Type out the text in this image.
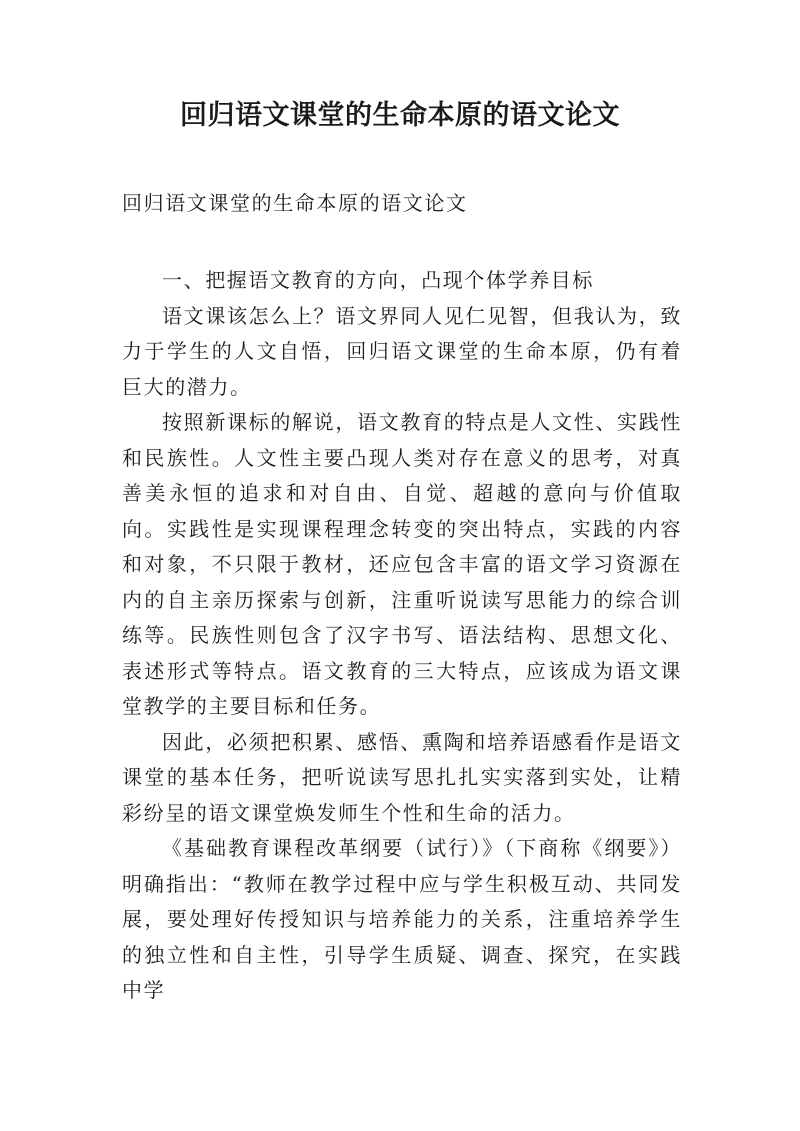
回归语文课堂的生命本原的语文论文

回归语文课堂的生命本原的语文论文

一、把握语文教育的方向，凸现个体学养目标

语文课该怎么上？语文界同人见仁见智，但我认为，致力于学生的人文自悟，回归语文课堂的生命本原，仍有着巨大的潜力。

按照新课标的解说，语文教育的特点是人文性、实践性和民族性。人文性主要凸现人类对存在意义的思考，对真善美永恒的追求和对自由、自觉、超越的意向与价值取向。实践性是实现课程理念转变的突出特点，实践的内容和对象，不只限于教材，还应包含丰富的语文学习资源在内的自主亲历探索与创新，注重听说读写思能力的综合训练等。民族性则包含了汉字书写、语法结构、思想文化、表述形式等特点。语文教育的三大特点，应该成为语文课堂教学的主要目标和任务。

因此，必须把积累、感悟、熏陶和培养语感看作是语文课堂的基本任务，把听说读写思扎扎实实落到实处，让精彩纷呈的语文课堂焕发师生个性和生命的活力。

《基础教育课程改革纲要（试行）》（下商称《纲要》）明确指出：“教师在教学过程中应与学生积极互动、共同发展，要处理好传授知识与培养能力的关系，注重培养学生的独立性和自主性，引导学生质疑、调查、探究，在实践中学
